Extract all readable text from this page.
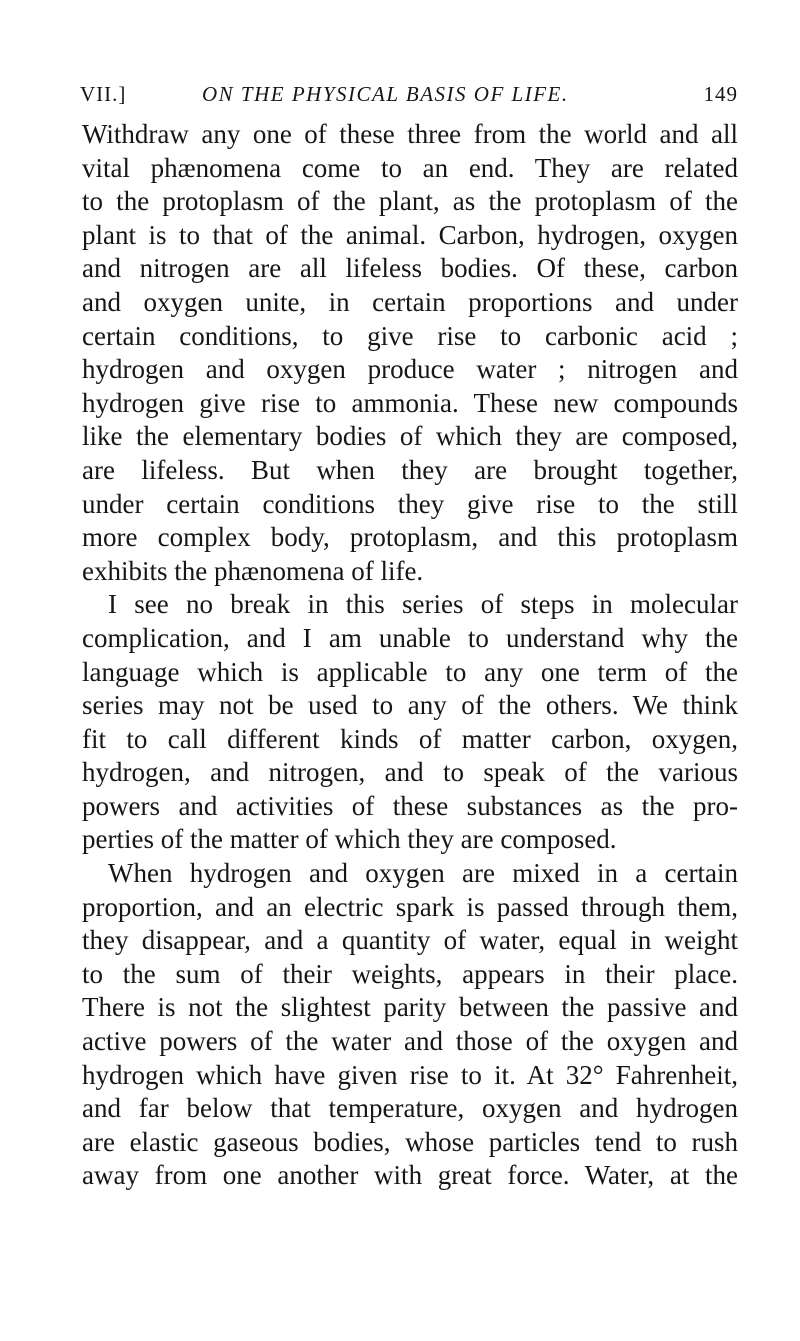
VII.]	ON THE PHYSICAL BASIS OF LIFE.	149
Withdraw any one of these three from the world and all
vital phænomena come to an end. They are related
to the protoplasm of the plant, as the protoplasm of the
plant is to that of the animal. Carbon, hydrogen, oxygen
and nitrogen are all lifeless bodies. Of these, carbon
and oxygen unite, in certain proportions and under
certain conditions, to give rise to carbonic acid ;
hydrogen and oxygen produce water ; nitrogen and
hydrogen give rise to ammonia. These new compounds
like the elementary bodies of which they are composed,
are lifeless. But when they are brought together,
under certain conditions they give rise to the still
more complex body, protoplasm, and this protoplasm
exhibits the phænomena of life.
I see no break in this series of steps in molecular
complication, and I am unable to understand why the
language which is applicable to any one term of the
series may not be used to any of the others. We think
fit to call different kinds of matter carbon, oxygen,
hydrogen, and nitrogen, and to speak of the various
powers and activities of these substances as the pro-
perties of the matter of which they are composed.
When hydrogen and oxygen are mixed in a certain
proportion, and an electric spark is passed through them,
they disappear, and a quantity of water, equal in weight
to the sum of their weights, appears in their place.
There is not the slightest parity between the passive and
active powers of the water and those of the oxygen and
hydrogen which have given rise to it. At 32° Fahrenheit,
and far below that temperature, oxygen and hydrogen
are elastic gaseous bodies, whose particles tend to rush
away from one another with great force. Water, at the
